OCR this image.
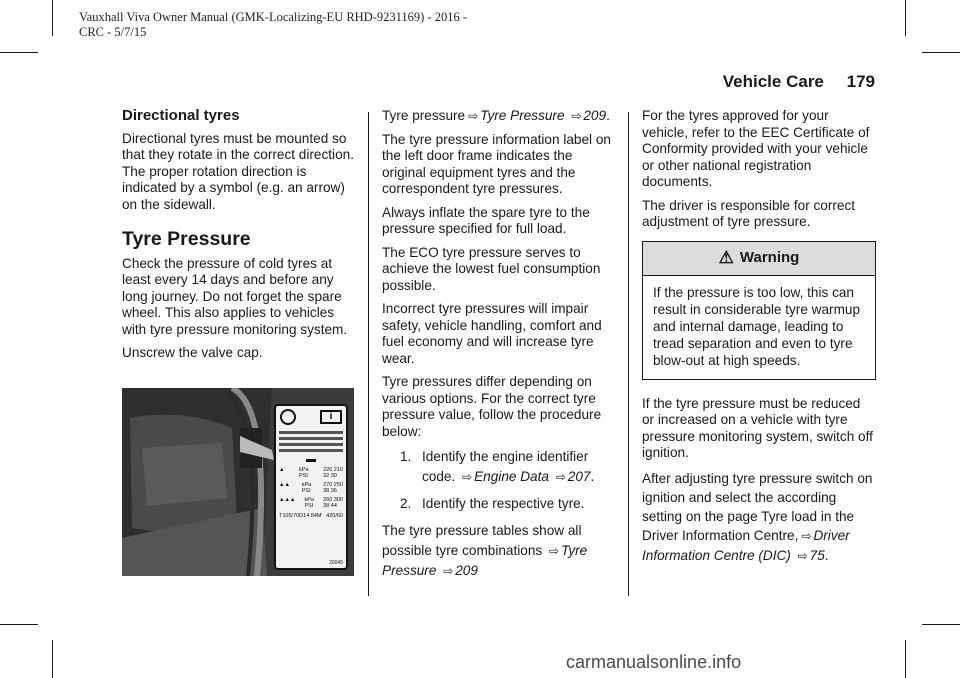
Vauxhall Viva Owner Manual (GMK-Localizing-EU RHD-9231169) - 2016 -
CRC - 5/7/15
Vehicle Care 179
Directional tyres

Directional tyres must be mounted so that they rotate in the correct direction. The proper rotation direction is indicated by a symbol (e.g. an arrow) on the sidewall.

Tyre Pressure

Check the pressure of cold tyres at least every 14 days and before any long journey. Do not forget the spare wheel. This also applies to vehicles with tyre pressure monitoring system.

Unscrew the valve cap.

i
▬
▲	kPa
PSI
220 210
32 30
▲▲ kPa
PSI
270 250
38 36
▲▲▲ kPa
PSI
260 300
38 44
T105/70D14 84M 420/60
20045

Tyre pressure ⇨ Tyre Pressure ⇨ 209.

The tyre pressure information label on the left door frame indicates the original equipment tyres and the correspondent tyre pressures.

Always inflate the spare tyre to the pressure specified for full load.

The ECO tyre pressure serves to achieve the lowest fuel consumption possible.

Incorrect tyre pressures will impair safety, vehicle handling, comfort and fuel economy and will increase tyre wear.

Tyre pressures differ depending on various options. For the correct tyre pressure value, follow the procedure below:

1. Identify the engine identifier code. ⇨ Engine Data ⇨ 207.
2. Identify the respective tyre.

The tyre pressure tables show all possible tyre combinations ⇨ Tyre Pressure ⇨ 209

For the tyres approved for your vehicle, refer to the EEC Certificate of Conformity provided with your vehicle or other national registration documents.

The driver is responsible for correct adjustment of tyre pressure.

⚠ Warning
If the pressure is too low, this can result in considerable tyre warmup and internal damage, leading to tread separation and even to tyre blow-out at high speeds.

If the tyre pressure must be reduced or increased on a vehicle with tyre pressure monitoring system, switch off ignition.

After adjusting tyre pressure switch on ignition and select the according setting on the page Tyre load in the Driver Information Centre, ⇨ Driver Information Centre (DIC) ⇨ 75.

carmanualsonline.info
